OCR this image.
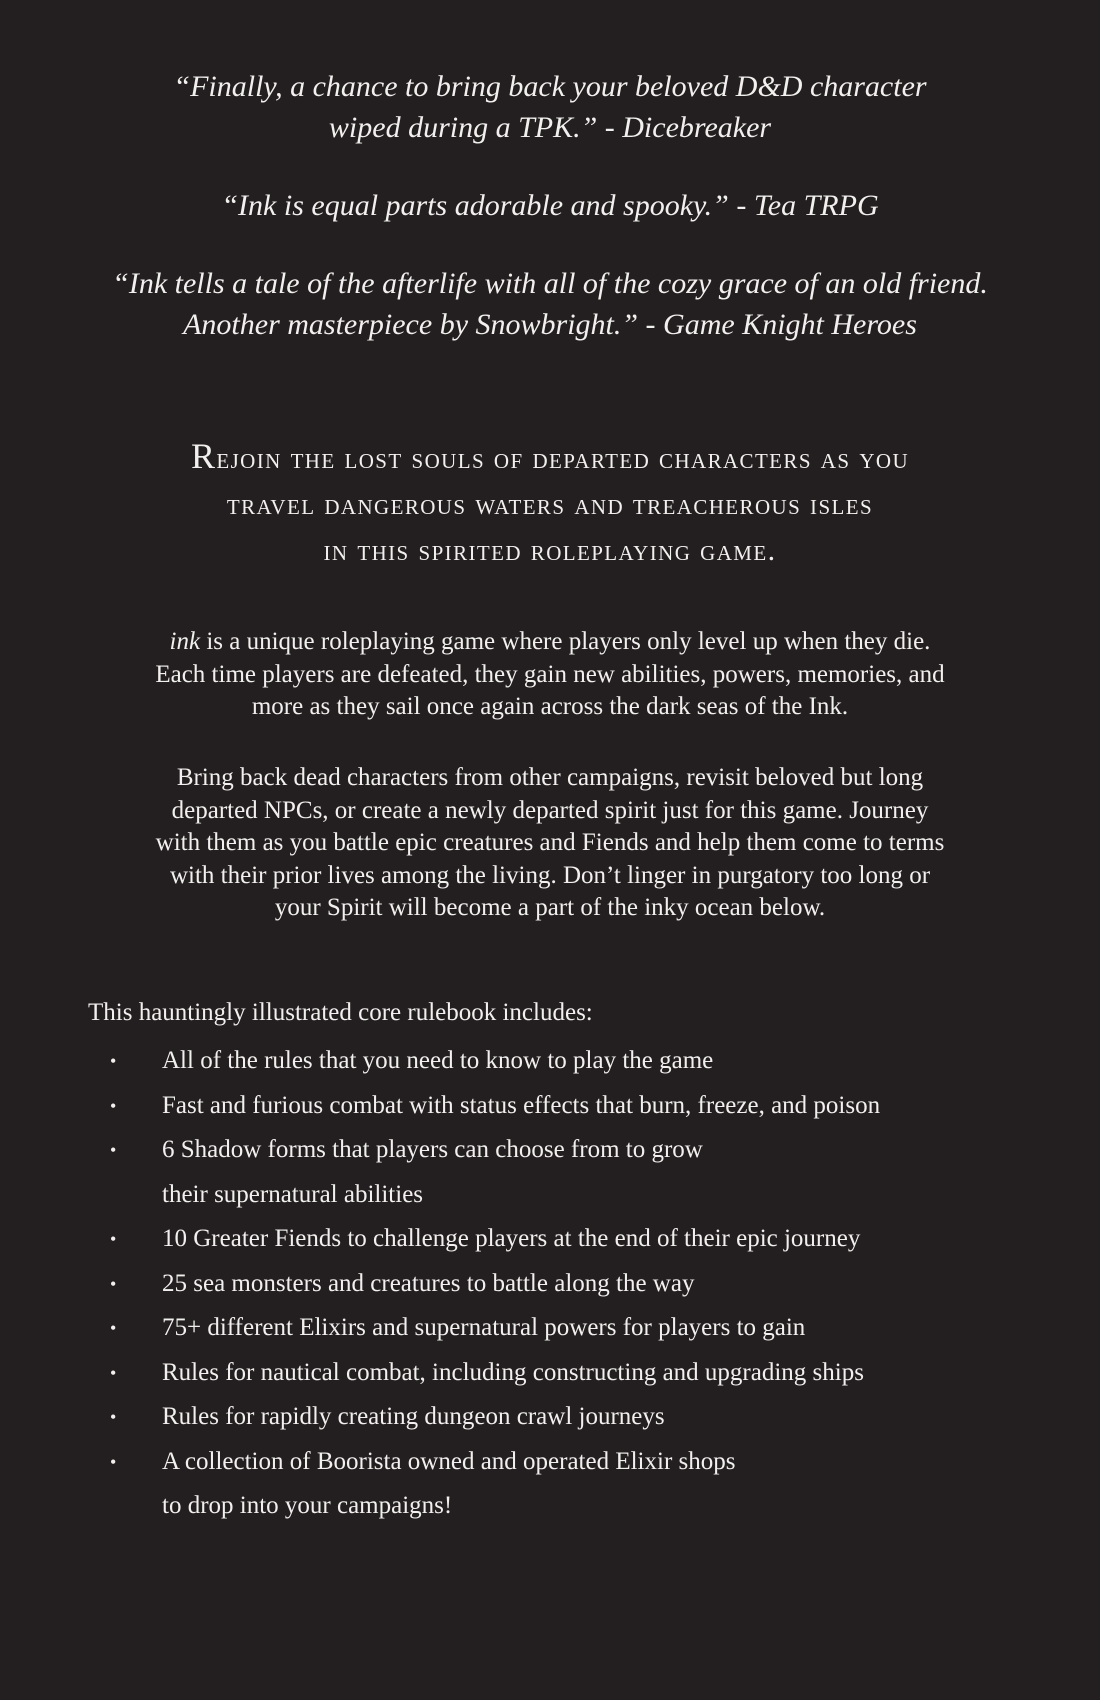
“Finally, a chance to bring back your beloved D&D character
wiped during a TPK.” - Dicebreaker

“Ink is equal parts adorable and spooky.” - Tea TRPG

“Ink tells a tale of the afterlife with all of the cozy grace of an old friend.
Another masterpiece by Snowbright.” - Game Knight Heroes

Rejoin the lost souls of departed characters as you
travel dangerous waters and treacherous isles
in this spirited roleplaying game.
ink is a unique roleplaying game where players only level up when they die.
Each time players are defeated, they gain new abilities, powers, memories, and
more as they sail once again across the dark seas of the Ink.
Bring back dead characters from other campaigns, revisit beloved but long
departed NPCs, or create a newly departed spirit just for this game. Journey
with them as you battle epic creatures and Fiends and help them come to terms
with their prior lives among the living. Don’t linger in purgatory too long or
your Spirit will become a part of the inky ocean below.
This hauntingly illustrated core rulebook includes:
• All of the rules that you need to know to play the game
• Fast and furious combat with status effects that burn, freeze, and poison
• 6 Shadow forms that players can choose from to grow
their supernatural abilities
• 10 Greater Fiends to challenge players at the end of their epic journey
• 25 sea monsters and creatures to battle along the way
• 75+ different Elixirs and supernatural powers for players to gain
• Rules for nautical combat, including constructing and upgrading ships
• Rules for rapidly creating dungeon crawl journeys
• A collection of Boorista owned and operated Elixir shops
to drop into your campaigns!
